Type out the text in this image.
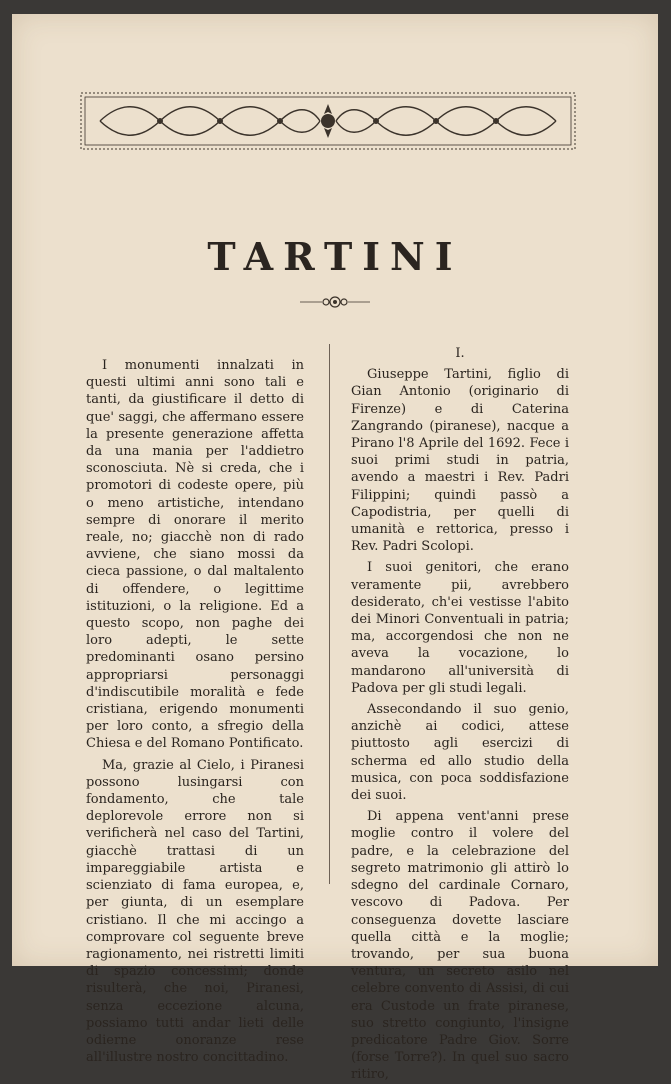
TARTINI

I monumenti innalzati in questi ultimi anni sono tali e tanti, da giustificare il detto di que' saggi, che affermano essere la presente generazione affetta da una mania per l'addietro sconosciuta. Nè si creda, che i promotori di codeste opere, più o meno artistiche, intendano sempre di onorare il merito reale, no; giacchè non di rado avviene, che siano mossi da cieca passione, o dal maltalento di offendere, o legittime istituzioni, o la religione. Ed a questo scopo, non paghe dei loro adepti, le sette predominanti osano persino appropriarsi personaggi d'indiscutibile moralità e fede cristiana, erigendo monumenti per loro conto, a sfregio della Chiesa e del Romano Pontificato.

Ma, grazie al Cielo, i Piranesi possono lusingarsi con fondamento, che tale deplorevole errore non si verificherà nel caso del Tartini, giacchè trattasi di un impareggiabile artista e scienziato di fama europea, e, per giunta, di un esemplare cristiano. Il che mi accingo a comprovare col seguente breve ragionamento, nei ristretti limiti di spazio concessimi; donde risulterà, che noi, Piranesi, senza eccezione alcuna, possiamo tutti andar lieti delle odierne onoranze rese all'illustre nostro concittadino.

I.

Giuseppe Tartini, figlio di Gian Antonio (originario di Firenze) e di Caterina Zangrando (piranese), nacque a Pirano l'8 Aprile del 1692. Fece i suoi primi studi in patria, avendo a maestri i Rev. Padri Filippini; quindi passò a Capodistria, per quelli di umanità e rettorica, presso i Rev. Padri Scolopi.

I suoi genitori, che erano veramente pii, avrebbero desiderato, ch'ei vestisse l'abito dei Minori Conventuali in patria; ma, accorgendosi che non ne aveva la vocazione, lo mandarono all'università di Padova per gli studi legali.

Assecondando il suo genio, anzichè ai codici, attese piuttosto agli esercizi di scherma ed allo studio della musica, con poca soddisfazione dei suoi.

Di appena vent'anni prese moglie contro il volere del padre, e la celebrazione del segreto matrimonio gli attirò lo sdegno del cardinale Cornaro, vescovo di Padova. Per conseguenza dovette lasciare quella città e la moglie; trovando, per sua buona ventura, un secreto asilo nel celebre convento di Assisi, di cui era Custode un frate piranese, suo stretto congiunto, l'insigne predicatore Padre Giov. Sorre (forse Torre?). In quel suo sacro ritiro,
